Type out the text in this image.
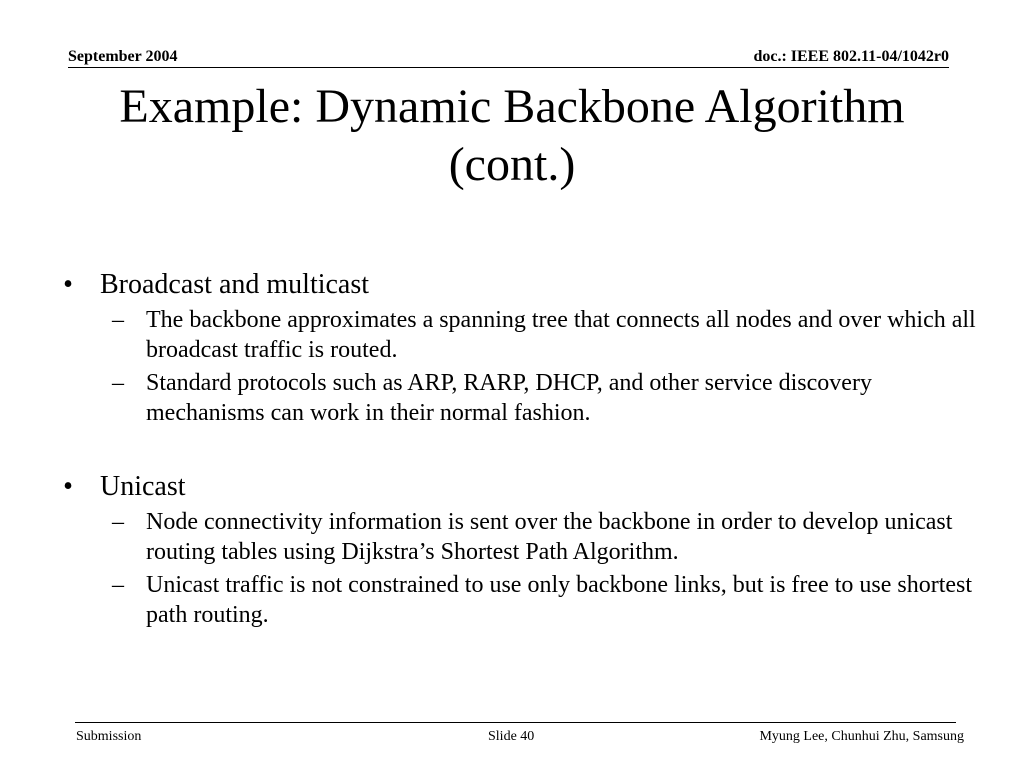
September 2004	doc.: IEEE 802.11-04/1042r0
Example: Dynamic Backbone Algorithm (cont.)
• Broadcast and multicast
– The backbone approximates a spanning tree that connects all nodes and over which all broadcast traffic is routed.
– Standard protocols such as ARP, RARP, DHCP, and other service discovery mechanisms can work in their normal fashion.
• Unicast
– Node connectivity information is sent over the backbone in order to develop unicast routing tables using Dijkstra’s Shortest Path Algorithm.
– Unicast traffic is not constrained to use only backbone links, but is free to use shortest path routing.
Submission	Slide 40	Myung Lee, Chunhui Zhu, Samsung
